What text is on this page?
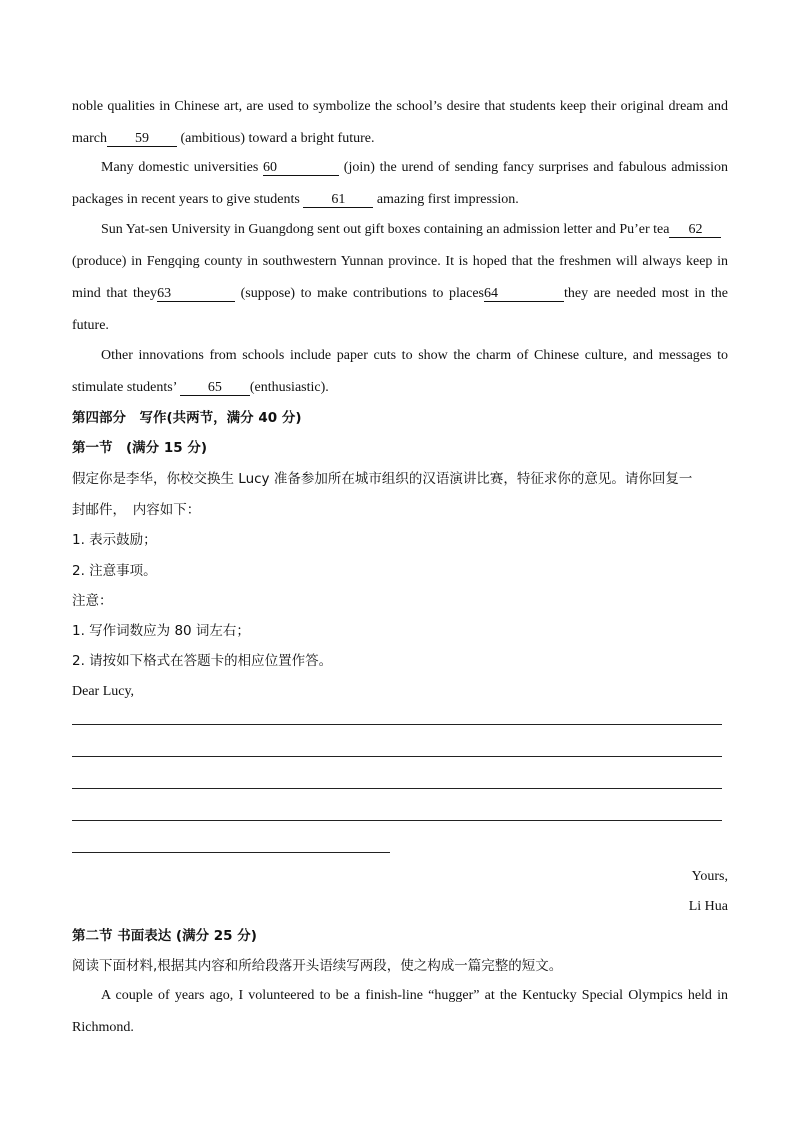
noble qualities in Chinese art, are used to symbolize the school’s desire that students keep their original dream and
march 59 (ambitious) toward a bright future.
Many domestic universities 60	(join) the urend of sending fancy surprises and fabulous admission
packages in recent years to give students 61 amazing first impression.
Sun Yat-sen University in Guangdong sent out gift boxes containing an admission letter and Pu’er tea 62
(produce) in Fengqing county in southwestern Yunnan province. It is hoped that the freshmen will always keep in
mind that they63	(suppose) to make contributions to places64	they are needed most in the
future.
Other innovations from schools include paper cuts to show the charm of Chinese culture, and messages to
stimulate students’ 65 (enthusiastic).
第四部分　写作(共两节，满分 40 分)
第一节　(满分 15 分)
假定你是李华，你校交换生 Lucy 准备参加所在城市组织的汉语演讲比赛，特征求你的意见。请你回复一
封邮件，　内容如下：
1. 表示鼓励；
2. 注意事项。
注意：
1. 写作词数应为 80 词左右；
2. 请按如下格式在答题卡的相应位置作答。
Dear Lucy,
Yours,
Li Hua
第二节 书面表达 (满分 25 分)
阅读下面材料,根据其内容和所给段落开头语续写两段，使之构成一篇完整的短文。
A couple of years ago, I volunteered to be a finish-line “hugger” at the Kentucky Special Olympics held in
Richmond.
